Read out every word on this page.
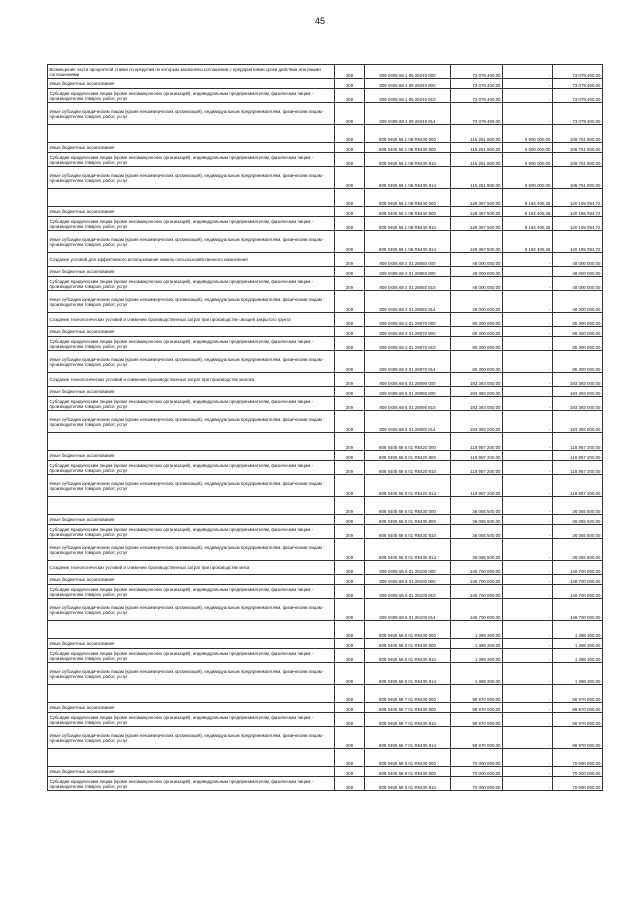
45
Возмещение части процентной ставки по кредитам по которым заключены соглашения с предприятиями сроки действия или иными соглашениями	200	809 0405 68 1 08 28240 000	73 079 400,00	-	73 079 400,00
Иные бюджетные ассигнования	200	809 0405 68 1 08 28240 800	73 079 400,00	-	73 079 400,00
Субсидии юридическим лицам (кроме некоммерческих организаций), индивидуальным предпринимателям, физическим лицам - производителям товаров, работ, услуг	200	809 0405 68 1 08 28240 810	73 079 400,00	-	73 079 400,00
Иные субсидии юридическим лицам (кроме некоммерческих организаций), индивидуальным предпринимателям, физическим лицам - производителям товаров, работ, услуг	200	809 0405 68 1 08 28240 814	73 079 400,00	-	73 079 400,00
	200	809 0405 68 1 08 R5430 000	115 251 800,00	6 500 000,00	108 751 800,00
Иные бюджетные ассигнования	200	809 0405 68 1 08 R5430 800	115 251 800,00	6 500 000,00	108 751 800,00
Субсидии юридическим лицам (кроме некоммерческих организаций), индивидуальным предпринимателям, физическим лицам - производителям товаров, работ, услуг	200	809 0405 68 1 08 R5430 810	115 251 800,00	6 500 000,00	108 751 800,00
Иные субсидии юридическим лицам (кроме некоммерческих организаций), индивидуальным предпринимателям, физическим лицам - производителям товаров, работ, услуг	200	809 0405 68 1 08 R5430 814	115 251 800,00	6 500 000,00	108 751 800,00
	200	809 0405 68 1 08 R5440 000	128 367 500,00	8 182 405,28	120 185 094,72
Иные бюджетные ассигнования	200	809 0405 68 1 08 R5440 800	128 367 500,00	8 182 405,28	120 185 094,72
Субсидии юридическим лицам (кроме некоммерческих организаций), индивидуальным предпринимателям, физическим лицам - производителям товаров, работ, услуг	200	809 0405 68 1 08 R5440 810	128 367 500,00	8 182 405,28	120 185 094,72
Иные субсидии юридическим лицам (кроме некоммерческих организаций), индивидуальным предпринимателям, физическим лицам - производителям товаров, работ, услуг	200	809 0405 68 1 08 R5440 814	128 367 500,00	8 182 405,28	120 185 094,72
Создание условий для эффективного использования земель сельскохозяйственного назначения	200	809 0405 68 2 01 28060 000	48 000 000,00	-	48 000 000,00
Иные бюджетные ассигнования	200	809 0405 68 2 01 28060 800	48 000 000,00	-	48 000 000,00
Субсидии юридическим лицам (кроме некоммерческих организаций), индивидуальным предпринимателям, физическим лицам - производителям товаров, работ, услуг	200	809 0405 68 2 01 28060 810	48 000 000,00	-	48 000 000,00
Иные субсидии юридическим лицам (кроме некоммерческих организаций), индивидуальным предпринимателям, физическим лицам - производителям товаров, работ, услуг	200	809 0405 68 2 01 28060 814	48 000 000,00	-	48 000 000,00
Создание технологических условий и снижение производственных затрат при производстве овощей закрытого грунта	200	809 0405 68 3 01 28070 000	85 300 000,00	-	85 300 000,00
Иные бюджетные ассигнования	200	809 0405 68 3 01 28070 800	85 300 000,00	-	85 300 000,00
Субсидии юридическим лицам (кроме некоммерческих организаций), индивидуальным предпринимателям, физическим лицам - производителям товаров, работ, услуг	200	809 0405 68 3 01 28070 810	85 300 000,00	-	85 300 000,00
Иные субсидии юридическим лицам (кроме некоммерческих организаций), индивидуальным предпринимателям, физическим лицам - производителям товаров, работ, услуг	200	809 0405 68 3 01 28070 814	85 300 000,00	-	85 300 000,00
Создание технологических условий и снижение производственных затрат при производстве молока	200	809 0405 68 5 01 28090 000	193 393 000,00	-	193 393 000,00
Иные бюджетные ассигнования	200	809 0405 68 5 01 28090 800	193 393 000,00	-	193 393 000,00
Субсидии юридическим лицам (кроме некоммерческих организаций), индивидуальным предпринимателям, физическим лицам - производителям товаров, работ, услуг	200	809 0405 68 5 01 28090 810	193 393 000,00	-	193 393 000,00
Иные субсидии юридическим лицам (кроме некоммерческих организаций), индивидуальным предпринимателям, физическим лицам - производителям товаров, работ, услуг	200	809 0405 68 5 01 28090 814	193 393 000,00	-	193 393 000,00
	200	809 0405 68 5 01 R5420 000	118 957 200,00	-	118 957 200,00
Иные бюджетные ассигнования	200	809 0405 68 5 01 R5420 800	118 957 200,00	-	118 957 200,00
Субсидии юридическим лицам (кроме некоммерческих организаций), индивидуальным предпринимателям, физическим лицам - производителям товаров, работ, услуг	200	809 0405 68 5 01 R5420 810	118 957 200,00	-	118 957 200,00
Иные субсидии юридическим лицам (кроме некоммерческих организаций), индивидуальным предпринимателям, физическим лицам - производителям товаров, работ, услуг	200	809 0405 68 5 01 R5420 814	118 957 200,00	-	118 957 200,00
	200	809 0405 68 5 01 R5430 000	36 055 500,00	-	36 055 500,00
Иные бюджетные ассигнования	200	809 0405 68 5 01 R5430 800	36 055 500,00	-	36 055 500,00
Субсидии юридическим лицам (кроме некоммерческих организаций), индивидуальным предпринимателям, физическим лицам - производителям товаров, работ, услуг	200	809 0405 68 5 01 R5430 810	36 055 500,00	-	36 055 500,00
Иные субсидии юридическим лицам (кроме некоммерческих организаций), индивидуальным предпринимателям, физическим лицам - производителям товаров, работ, услуг	200	809 0405 68 5 01 R5430 814	36 055 500,00	-	36 055 500,00
Создание технологических условий и снижение производственных затрат при производстве мяса	200	809 0405 68 6 01 28100 000	146 700 000,00	-	146 700 000,00
Иные бюджетные ассигнования	200	809 0405 68 6 01 28100 800	146 700 000,00	-	146 700 000,00
Субсидии юридическим лицам (кроме некоммерческих организаций), индивидуальным предпринимателям, физическим лицам - производителям товаров, работ, услуг	200	809 0405 68 6 01 28100 810	146 700 000,00	-	146 700 000,00
Иные субсидии юридическим лицам (кроме некоммерческих организаций), индивидуальным предпринимателям, физическим лицам - производителям товаров, работ, услуг	200	809 0405 68 6 01 28100 814	146 700 000,00	-	146 700 000,00
	200	809 0405 68 6 01 R5430 000	1 398 200,00	-	1 398 200,00
Иные бюджетные ассигнования	200	809 0405 68 6 01 R5430 800	1 398 200,00	-	1 398 200,00
Субсидии юридическим лицам (кроме некоммерческих организаций), индивидуальным предпринимателям, физическим лицам - производителям товаров, работ, услуг	200	809 0405 68 6 01 R5430 810	1 398 200,00	-	1 398 200,00
Иные субсидии юридическим лицам (кроме некоммерческих организаций), индивидуальным предпринимателям, физическим лицам - производителям товаров, работ, услуг	200	809 0405 68 6 01 R5430 814	1 398 200,00	-	1 398 200,00
	200	809 0405 68 7 01 R5430 000	98 970 000,00	-	98 970 000,00
Иные бюджетные ассигнования	200	809 0405 68 7 01 R5430 800	98 970 000,00	-	98 970 000,00
Субсидии юридическим лицам (кроме некоммерческих организаций), индивидуальным предпринимателям, физическим лицам - производителям товаров, работ, услуг	200	809 0405 68 7 01 R5430 810	98 970 000,00	-	98 970 000,00
Иные субсидии юридическим лицам (кроме некоммерческих организаций), индивидуальным предпринимателям, физическим лицам - производителям товаров, работ, услуг	200	809 0405 68 7 01 R5430 814	98 970 000,00	-	98 970 000,00
	200	809 0405 68 8 01 R5430 000	70 000 000,00	-	70 000 000,00
Иные бюджетные ассигнования	200	809 0405 68 8 01 R5430 800	70 000 000,00	-	70 000 000,00
Субсидии юридическим лицам (кроме некоммерческих организаций), индивидуальным предпринимателям, физическим лицам - производителям товаров, работ, услуг	200	809 0405 68 8 01 R5430 810	70 000 000,00	-	70 000 000,00
